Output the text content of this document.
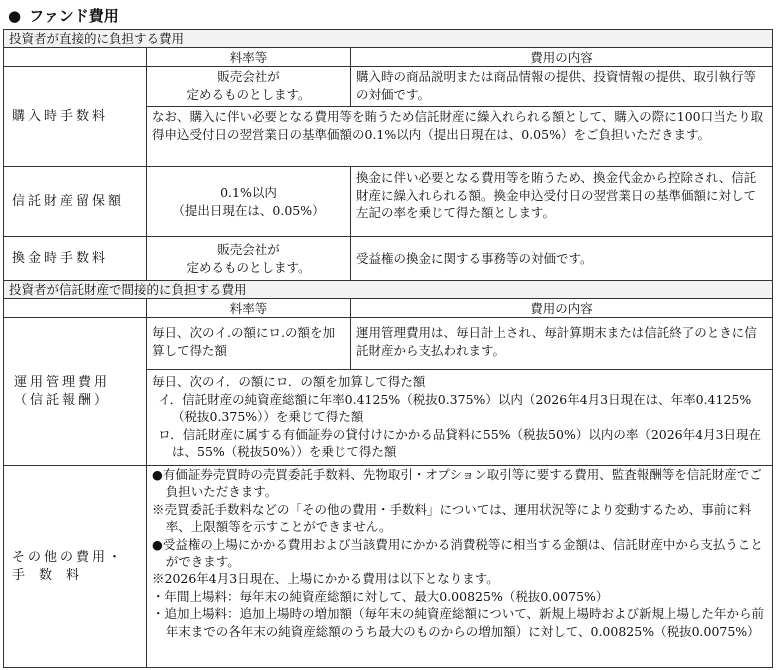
● ファンド費用
投資者が直接的に負担する費用
料率等	費用の内容
購入時手数料
販売会社が
定めるものとします。
購入時の商品説明または商品情報の提供、投資情報の提供、取引執行等の対価です。
なお、購入に伴い必要となる費用等を賄うため信託財産に繰入れられる額として、購入の際に100口当たり取得申込受付日の翌営業日の基準価額の0.1%以内（提出日現在は、0.05%）をご負担いただきます。
信託財産留保額
0.1%以内
（提出日現在は、0.05%）
換金に伴い必要となる費用等を賄うため、換金代金から控除され、信託財産に繰入れられる額。換金申込受付日の翌営業日の基準価額に対して左記の率を乗じて得た額とします。
換金時手数料
販売会社が
定めるものとします。
受益権の換金に関する事務等の対価です。
投資者が信託財産で間接的に負担する費用
料率等	費用の内容
運用管理費用
（信託報酬）
毎日、次のイ.の額にロ.の額を加算して得た額
運用管理費用は、毎日計上され、毎計算期末または信託終了のときに信託財産から支払われます。
毎日、次のイ．の額にロ．の額を加算して得た額
イ．信託財産の純資産総額に年率0.4125%（税抜0.375%）以内（2026年4月3日現在は、年率0.4125%（税抜0.375%））を乗じて得た額
ロ．信託財産に属する有価証券の貸付けにかかる品貸料に55%（税抜50%）以内の率（2026年4月3日現在は、55%（税抜50%））を乗じて得た額
その他の費用・
手数料
●有価証券売買時の売買委託手数料、先物取引・オプション取引等に要する費用、監査報酬等を信託財産でご負担いただきます。
※売買委託手数料などの「その他の費用・手数料」については、運用状況等により変動するため、事前に料率、上限額等を示すことができません。
●受益権の上場にかかる費用および当該費用にかかる消費税等に相当する金額は、信託財産中から支払うことができます。
※2026年4月3日現在、上場にかかる費用は以下となります。
・年間上場料：毎年末の純資産総額に対して、最大0.00825%（税抜0.0075%）
・追加上場料：追加上場時の増加額（毎年末の純資産総額について、新規上場時および新規上場した年から前年末までの各年末の純資産総額のうち最大のものからの増加額）に対して、0.00825%（税抜0.0075%）
